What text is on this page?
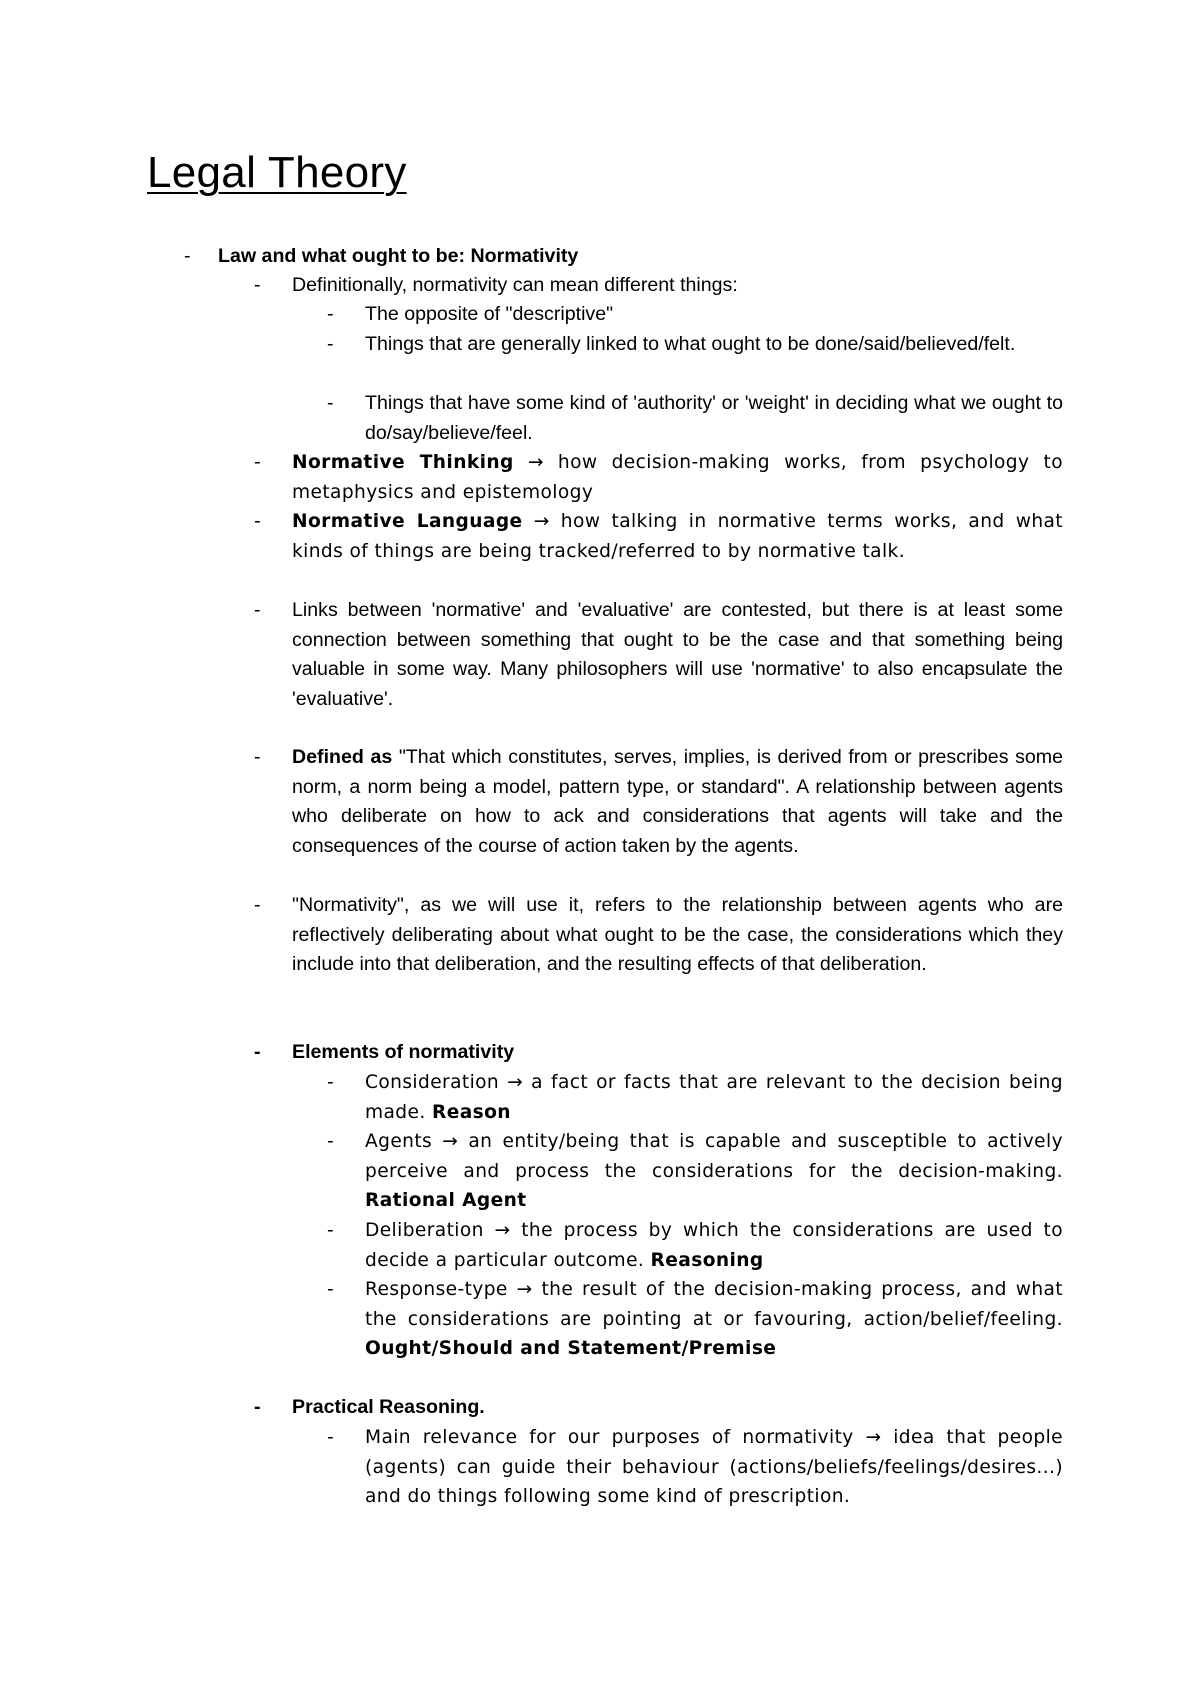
Legal Theory
- Law and what ought to be: Normativity
- Definitionally, normativity can mean different things:
- The opposite of "descriptive"
- Things that are generally linked to what ought to be done/said/believed/felt.
- Things that have some kind of 'authority' or 'weight' in deciding what we ought to do/say/believe/feel.
- Normative Thinking → how decision-making works, from psychology to metaphysics and epistemology
- Normative Language → how talking in normative terms works, and what kinds of things are being tracked/referred to by normative talk.
- Links between 'normative' and 'evaluative' are contested, but there is at least some connection between something that ought to be the case and that something being valuable in some way. Many philosophers will use 'normative' to also encapsulate the 'evaluative'.
- Defined as "That which constitutes, serves, implies, is derived from or prescribes some norm, a norm being a model, pattern type, or standard". A relationship between agents who deliberate on how to ack and considerations that agents will take and the consequences of the course of action taken by the agents.
- "Normativity", as we will use it, refers to the relationship between agents who are reflectively deliberating about what ought to be the case, the considerations which they include into that deliberation, and the resulting effects of that deliberation.
- Elements of normativity
- Consideration → a fact or facts that are relevant to the decision being made. Reason
- Agents → an entity/being that is capable and susceptible to actively perceive and process the considerations for the decision-making. Rational Agent
- Deliberation → the process by which the considerations are used to decide a particular outcome. Reasoning
- Response-type → the result of the decision-making process, and what the considerations are pointing at or favouring, action/belief/feeling. Ought/Should and Statement/Premise
- Practical Reasoning.
- Main relevance for our purposes of normativity → idea that people (agents) can guide their behaviour (actions/beliefs/feelings/desires...) and do things following some kind of prescription.
